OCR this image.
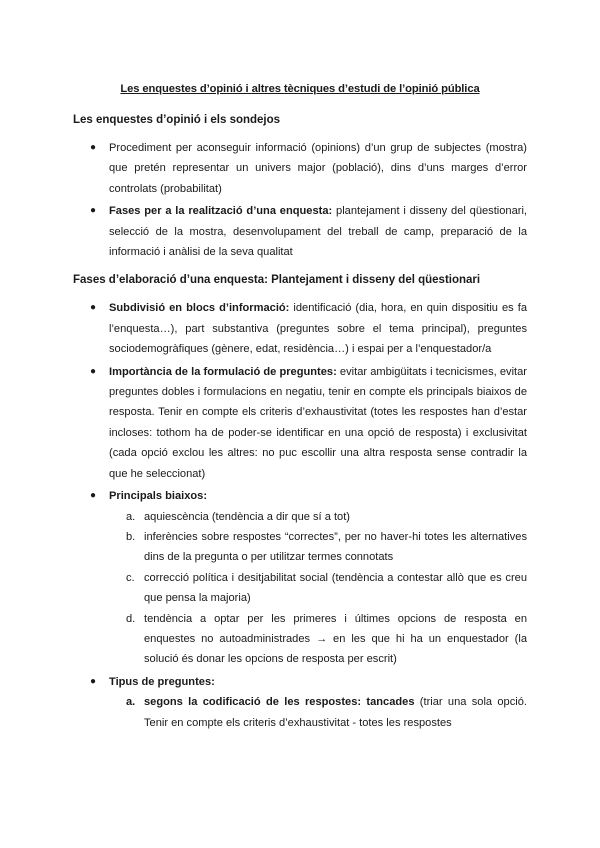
Les enquestes d’opinió i altres tècniques d’estudi de l’opinió pública
Les enquestes d’opinió i els sondejos
● Procediment per aconseguir informació (opinions) d’un grup de subjectes (mostra) que pretén representar un univers major (població), dins d’uns marges d’error controlats (probabilitat)
● Fases per a la realització d’una enquesta: plantejament i disseny del qüestionari, selecció de la mostra, desenvolupament del treball de camp, preparació de la informació i anàlisi de la seva qualitat
Fases d’elaboració d’una enquesta: Plantejament i disseny del qüestionari
● Subdivisió en blocs d’informació: identificació (dia, hora, en quin dispositiu es fa l’enquesta…), part substantiva (preguntes sobre el tema principal), preguntes sociodemogràfiques (gènere, edat, residència…) i espai per a l’enquestador/a
● Importància de la formulació de preguntes: evitar ambigüitats i tecnicismes, evitar preguntes dobles i formulacions en negatiu, tenir en compte els principals biaixos de resposta. Tenir en compte els criteris d’exhaustivitat (totes les respostes han d’estar incloses: tothom ha de poder-se identificar en una opció de resposta) i exclusivitat (cada opció exclou les altres: no puc escollir una altra resposta sense contradir la que he seleccionat)
● Principals biaixos:
a. aquiescència (tendència a dir que sí a tot)
b. inferències sobre respostes “correctes”, per no haver-hi totes les alternatives dins de la pregunta o per utilitzar termes connotats
c. correcció política i desitjabilitat social (tendència a contestar allò que es creu que pensa la majoria)
d. tendència a optar per les primeres i últimes opcions de resposta en enquestes no autoadministrades → en les que hi ha un enquestador (la solució és donar les opcions de resposta per escrit)
● Tipus de preguntes:
a. segons la codificació de les respostes: tancades (triar una sola opció. Tenir en compte els criteris d’exhaustivitat - totes les respostes
